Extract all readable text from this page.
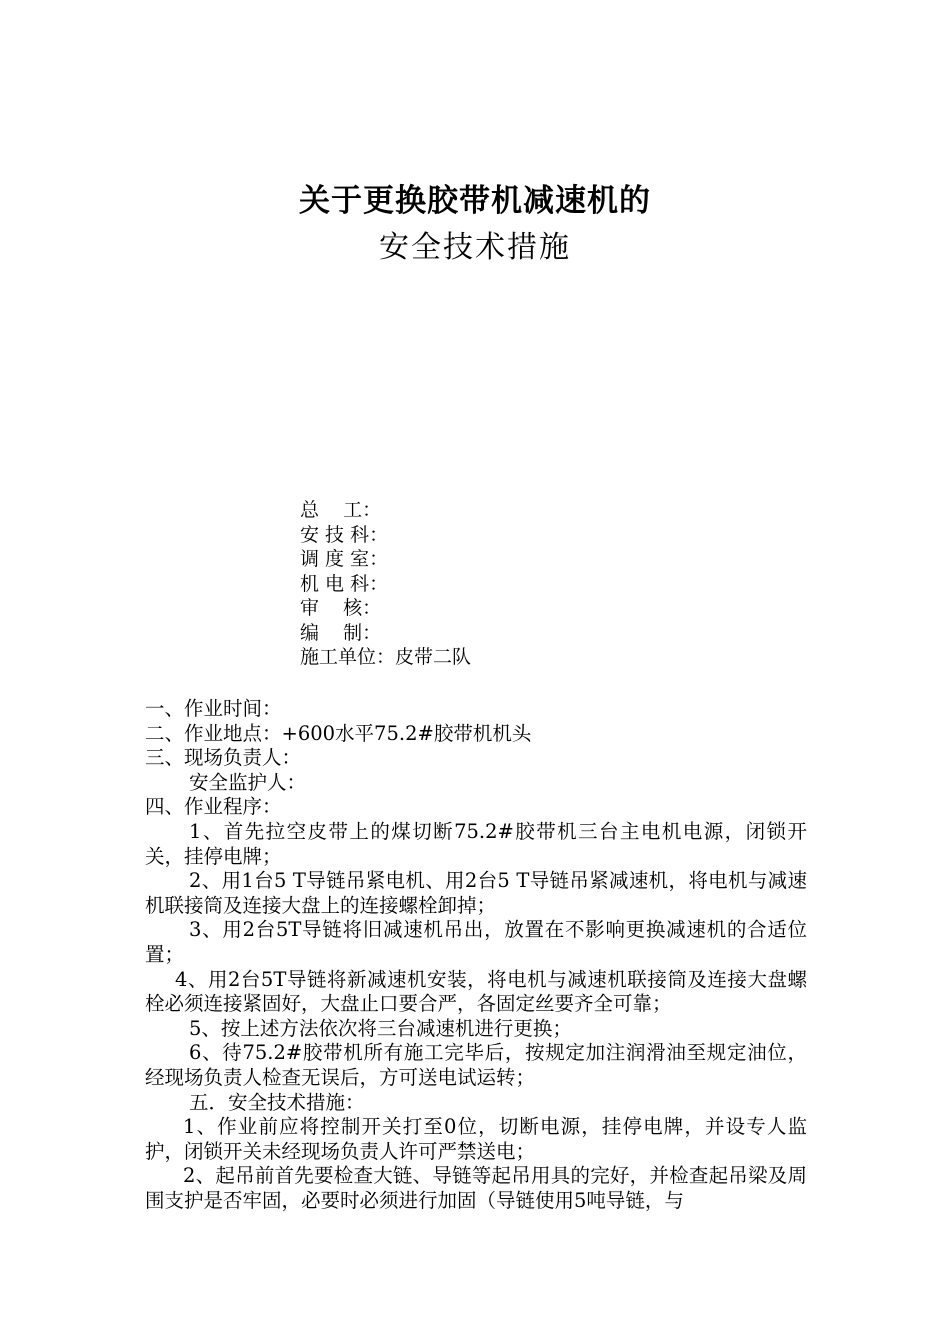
关于更换胶带机减速机的
安全技术措施
总    工：
安 技 科：
调 度 室：
机 电 科：
审    核：
编    制：
施工单位：皮带二队

一、作业时间：

二、作业地点：+600水平75.2#胶带机机头

三、现场负责人：

安全监护人：

四、作业程序：

1、首先拉空皮带上的煤切断75.2#胶带机三台主电机电源，闭锁开关，挂停电牌；

2、用1台5 T导链吊紧电机、用2台5 T导链吊紧减速机，将电机与减速机联接筒及连接大盘上的连接螺栓卸掉；

3、用2台5T导链将旧减速机吊出，放置在不影响更换减速机的合适位置；

4、用2台5T导链将新减速机安装，将电机与减速机联接筒及连接大盘螺栓必须连接紧固好，大盘止口要合严，各固定丝要齐全可靠；

5、按上述方法依次将三台减速机进行更换；

6、待75.2#胶带机所有施工完毕后，按规定加注润滑油至规定油位，经现场负责人检查无误后，方可送电试运转；

五．安全技术措施：

1、作业前应将控制开关打至0位，切断电源，挂停电牌，并设专人监护，闭锁开关未经现场负责人许可严禁送电；

2、起吊前首先要检查大链、导链等起吊用具的完好，并检查起吊梁及周围支护是否牢固，必要时必须进行加固（导链使用5吨导链，与
